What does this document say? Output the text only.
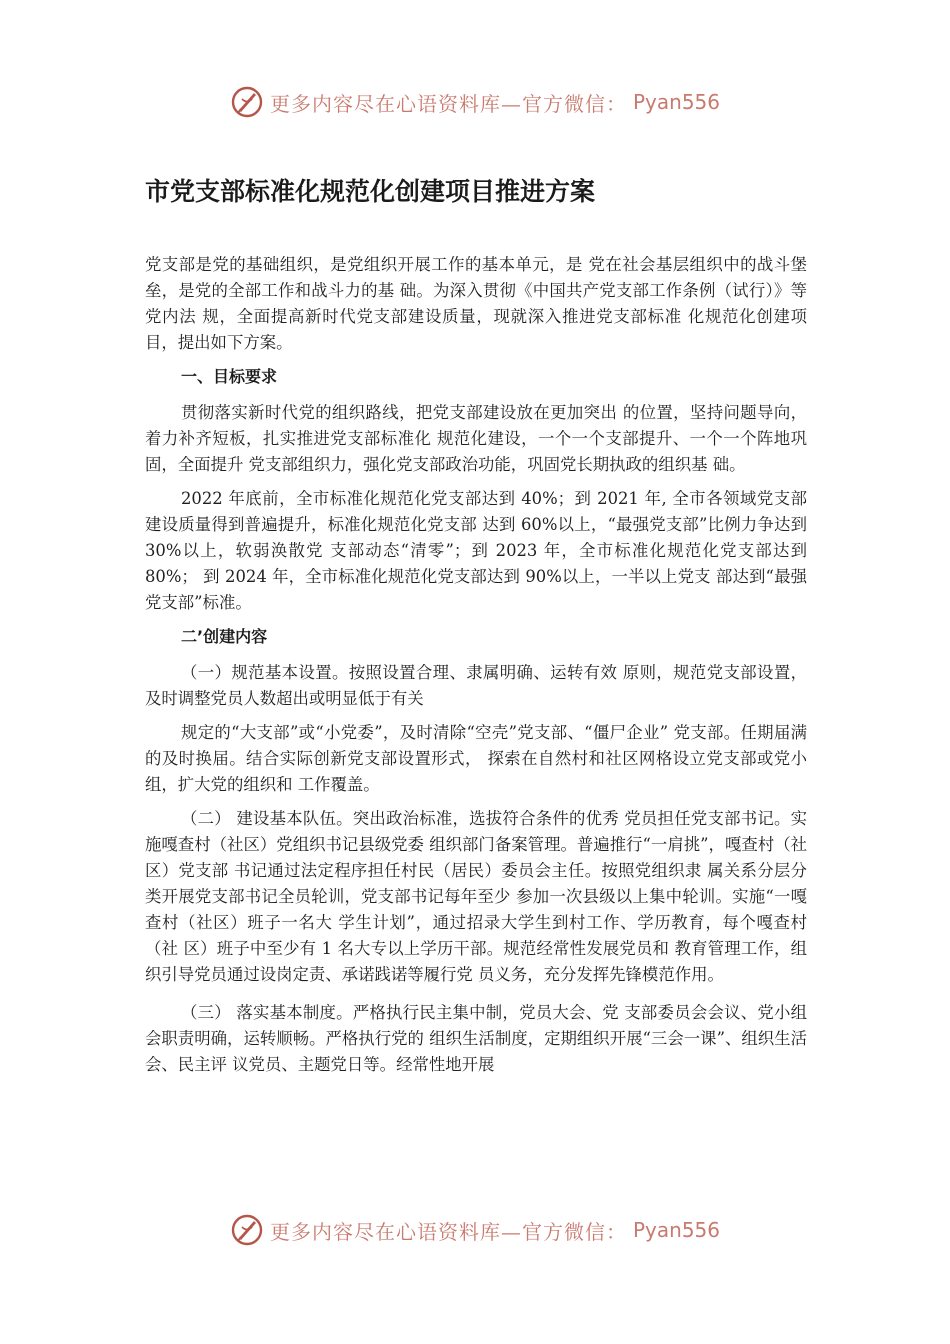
更多内容尽在心语资料库—官方微信： Pyan556
市党支部标准化规范化创建项目推进方案

党支部是党的基础组织，是党组织开展工作的基本单元，是 党在社会基层组织中的战斗堡垒，是党的全部工作和战斗力的基 础。为深入贯彻《中国共产党支部工作条例（试行）》等党内法 规，全面提高新时代党支部建设质量，现就深入推进党支部标准 化规范化创建项目，提出如下方案。

一、目标要求

贯彻落实新时代党的组织路线，把党支部建设放在更加突出 的位置，坚持问题导向，着力补齐短板，扎实推进党支部标准化 规范化建设，一个一个支部提升、一个一个阵地巩固，全面提升 党支部组织力，强化党支部政治功能，巩固党长期执政的组织基 础。

2022 年底前，全市标准化规范化党支部达到 40%；到 2021 年, 全市各领域党支部建设质量得到普遍提升，标准化规范化党支部 达到 60%以上，“最强党支部”比例力争达到 30%以上，软弱涣散党 支部动态“清零”；到 2023 年，全市标准化规范化党支部达到 80%； 到 2024 年，全市标准化规范化党支部达到 90%以上，一半以上党支 部达到“最强党支部”标准。

二’创建内容

（一）规范基本设置。按照设置合理、隶属明确、运转有效 原则，规范党支部设置，及时调整党员人数超出或明显低于有关

规定的“大支部”或“小党委”，及时清除“空壳”党支部、“僵尸企业” 党支部。任期届满的及时换届。结合实际创新党支部设置形式， 探索在自然村和社区网格设立党支部或党小组，扩大党的组织和 工作覆盖。

（二） 建设基本队伍。突出政治标准，选拔符合条件的优秀 党员担任党支部书记。实施嘎查村（社区）党组织书记县级党委 组织部门备案管理。普遍推行“一肩挑”，嘎查村（社区）党支部 书记通过法定程序担任村民（居民）委员会主任。按照党组织隶 属关系分层分类开展党支部书记全员轮训，党支部书记每年至少 参加一次县级以上集中轮训。实施“一嘎查村（社区）班子一名大 学生计划”，通过招录大学生到村工作、学历教育，每个嘎查村（社 区）班子中至少有 1 名大专以上学历干部。规范经常性发展党员和 教育管理工作，组织引导党员通过设岗定责、承诺践诺等履行党 员义务，充分发挥先锋模范作用。

（三） 落实基本制度。严格执行民主集中制，党员大会、党 支部委员会会议、党小组会职责明确，运转顺畅。严格执行党的 组织生活制度，定期组织开展“三会一课”、组织生活会、民主评 议党员、主题党日等。经常性地开展

更多内容尽在心语资料库—官方微信： Pyan556
